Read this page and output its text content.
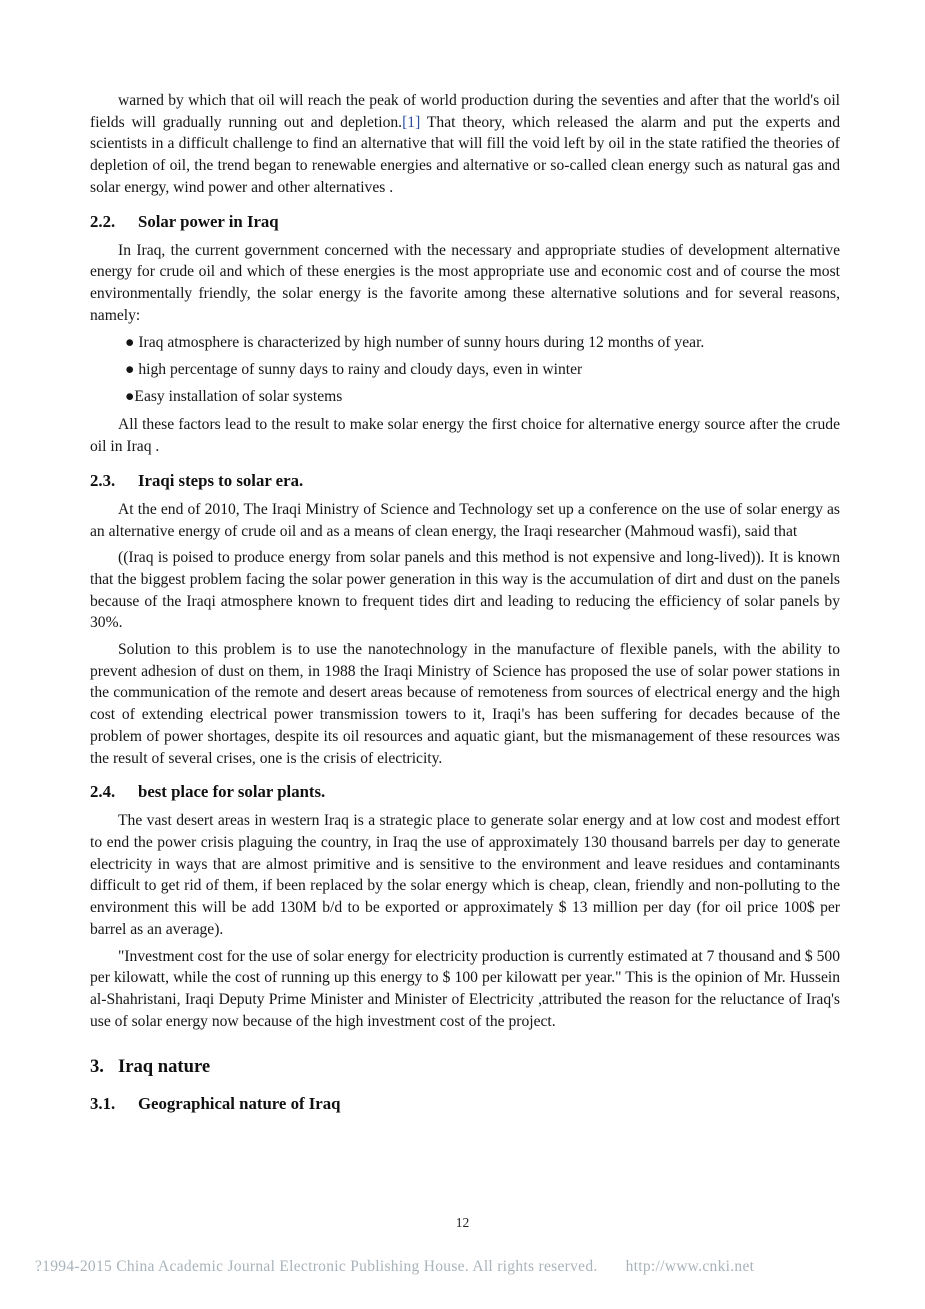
warned by which that oil will reach the peak of world production during the seventies and after that the world's oil fields will gradually running out and depletion.[1] That theory, which released the alarm and put the experts and scientists in a difficult challenge to find an alternative that will fill the void left by oil in the state ratified the theories of depletion of oil, the trend began to renewable energies and alternative or so-called clean energy such as natural gas and solar energy, wind power and other alternatives .

2.2. Solar power in Iraq

In Iraq, the current government concerned with the necessary and appropriate studies of development alternative energy for crude oil and which of these energies is the most appropriate use and economic cost and of course the most environmentally friendly, the solar energy is the favorite among these alternative solutions and for several reasons, namely:

● Iraq atmosphere is characterized by high number of sunny hours during 12 months of year.
● high percentage of sunny days to rainy and cloudy days, even in winter
●Easy installation of solar systems

All these factors lead to the result to make solar energy the first choice for alternative energy source after the crude oil in Iraq .

2.3. Iraqi steps to solar era.

At the end of 2010, The Iraqi Ministry of Science and Technology set up a conference on the use of solar energy as an alternative energy of crude oil and as a means of clean energy, the Iraqi researcher (Mahmoud wasfi), said that

((Iraq is poised to produce energy from solar panels and this method is not expensive and long-lived)). It is known that the biggest problem facing the solar power generation in this way is the accumulation of dirt and dust on the panels because of the Iraqi atmosphere known to frequent tides dirt and leading to reducing the efficiency of solar panels by 30%.

Solution to this problem is to use the nanotechnology in the manufacture of flexible panels, with the ability to prevent adhesion of dust on them, in 1988 the Iraqi Ministry of Science has proposed the use of solar power stations in the communication of the remote and desert areas because of remoteness from sources of electrical energy and the high cost of extending electrical power transmission towers to it, Iraqi's has been suffering for decades because of the problem of power shortages, despite its oil resources and aquatic giant, but the mismanagement of these resources was the result of several crises, one is the crisis of electricity.

2.4. best place for solar plants.

The vast desert areas in western Iraq is a strategic place to generate solar energy and at low cost and modest effort to end the power crisis plaguing the country, in Iraq the use of approximately 130 thousand barrels per day to generate electricity in ways that are almost primitive and is sensitive to the environment and leave residues and contaminants difficult to get rid of them, if been replaced by the solar energy which is cheap, clean, friendly and non-polluting to the environment this will be add 130M b/d to be exported or approximately $ 13 million per day (for oil price 100$ per barrel as an average).

"Investment cost for the use of solar energy for electricity production is currently estimated at 7 thousand and $ 500 per kilowatt, while the cost of running up this energy to $ 100 per kilowatt per year." This is the opinion of Mr. Hussein al-Shahristani, Iraqi Deputy Prime Minister and Minister of Electricity ,attributed the reason for the reluctance of Iraq's use of solar energy now because of the high investment cost of the project.

3. Iraq nature
3.1. Geographical nature of Iraq
12
?1994-2015 China Academic Journal Electronic Publishing House. All rights reserved. http://www.cnki.net
